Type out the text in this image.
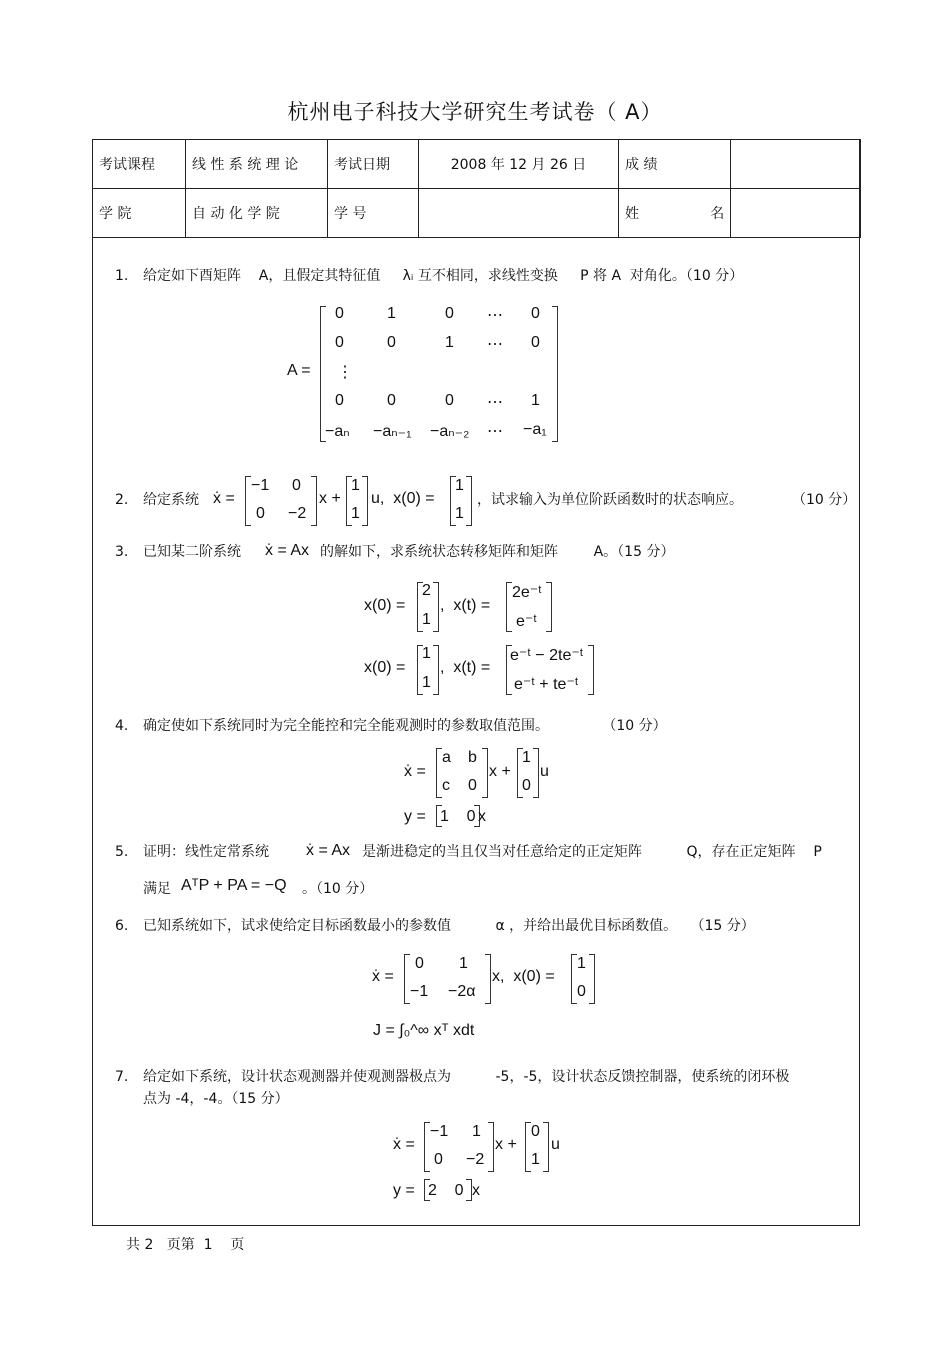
杭州电子科技大学研究生考试卷（ A）
考试课程	线 性 系 统 理 论	考试日期	2008 年 12 月 26 日	成 绩	
学 院	自 动 化 学 院	学 号		姓                名	
1. 给定如下酉矩阵    A，且假定其特征值     λᵢ 互不相同，求线性变换     P 将 A  对角化。（10 分）
A =
0	1	0 ⋯ 0
0	0	1 ⋯ 0
⋮
0	0	0 ⋯ 1
−aₙ −aₙ₋₁ −aₙ₋₂ ⋯ −a₁
2. 给定系统 ẋ =
−1 0
0 −2
x +
1
1
u,  x(0) =
1
1
，试求输入为单位阶跃函数时的状态响应。	（10 分）
3. 已知某二阶系统 ẋ = Ax 的解如下，求系统状态转移矩阵和矩阵        A。（15 分）
x(0) =
2
1
,  x(t) =
2e⁻ᵗ
e⁻ᵗ
x(0) =
1
1
,  x(t) =
e⁻ᵗ − 2te⁻ᵗ
e⁻ᵗ + te⁻ᵗ
4. 确定使如下系统同时为完全能控和完全能观测时的参数取值范围。            （10 分）
ẋ =
a b
c 0
x +
1
0
u
y = 1    0 x
5. 证明：线性定常系统 ẋ = Ax 是渐进稳定的当且仅当对任意给定的正定矩阵          Q，存在正定矩阵    P
满足 AᵀP + PA = −Q 。（10 分）
6. 已知系统如下，试求使给定目标函数最小的参数值          α ，并给出最优目标函数值。   （15 分）
ẋ =
0 1
−1 −2α
x,  x(0) =
1
0
J = ∫₀^∞ xᵀ xdt
7. 给定如下系统，设计状态观测器并使观测器极点为          -5，-5，设计状态反馈控制器，使系统的闭环极
点为 -4，-4。（15 分）
ẋ =
−1 1
0 −2
x +
0
1
u
y = 2    0 x
共 2   页第  1    页
